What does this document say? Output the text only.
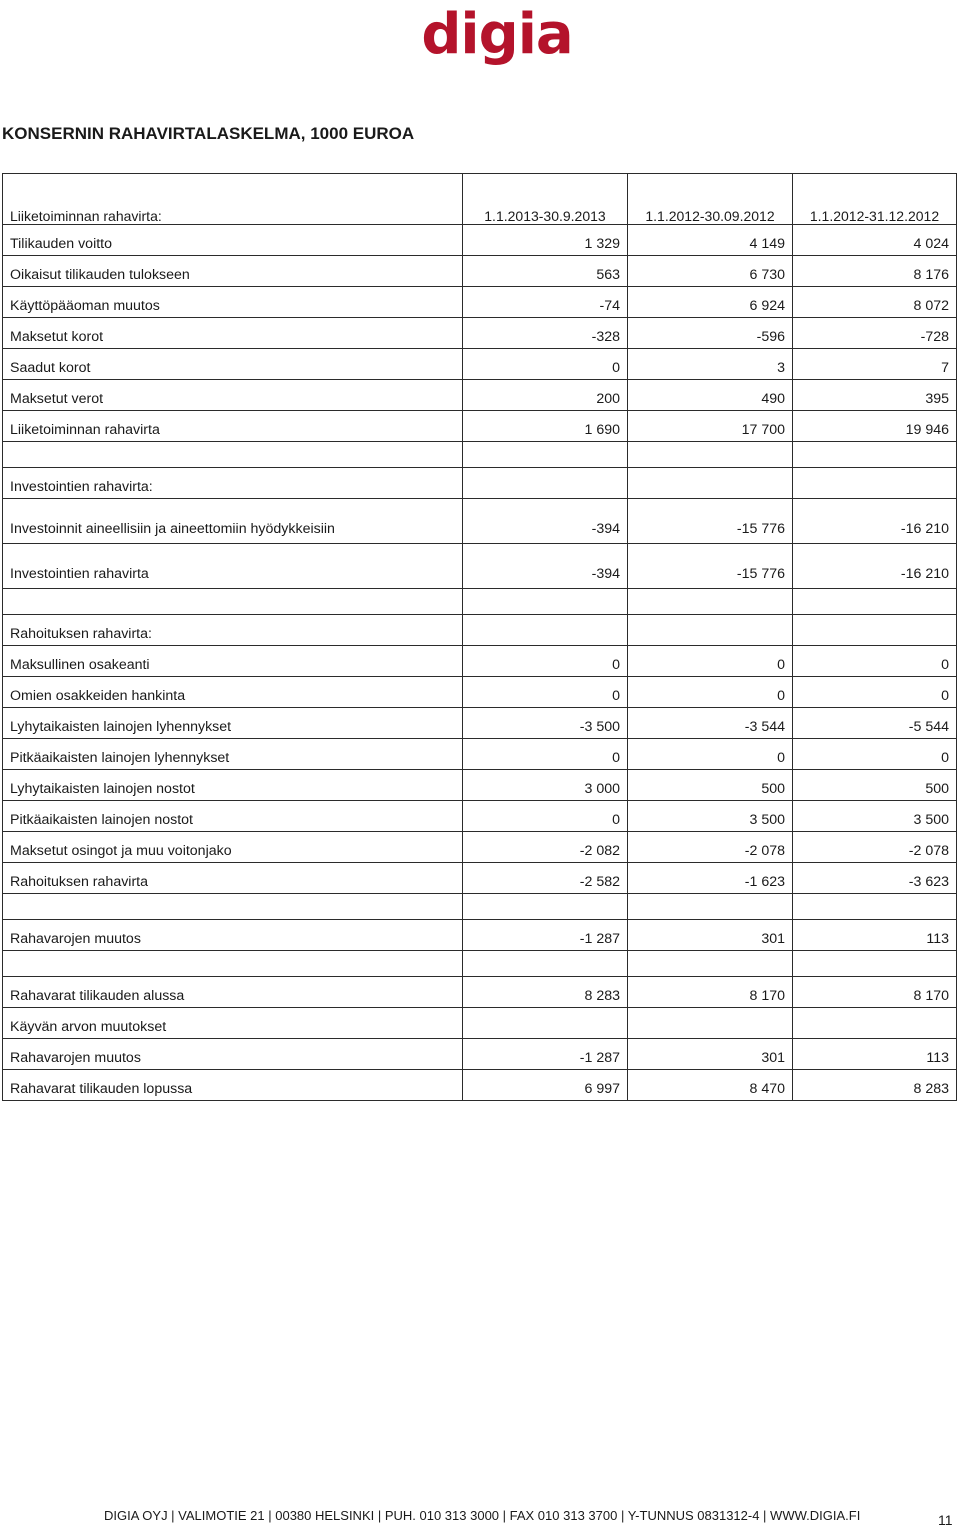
digia
KONSERNIN RAHAVIRTALASKELMA, 1000 EUROA
Liiketoiminnan rahavirta:	1.1.2013-30.9.2013	1.1.2012-30.09.2012	1.1.2012-31.12.2012
Tilikauden voitto	1 329	4 149	4 024
Oikaisut tilikauden tulokseen	563	6 730	8 176
Käyttöpääoman muutos	-74	6 924	8 072
Maksetut korot	-328	-596	-728
Saadut korot	0	3	7
Maksetut verot	200	490	395
Liiketoiminnan rahavirta	1 690	17 700	19 946

Investointien rahavirta:			
Investoinnit aineellisiin ja aineettomiin hyödykkeisiin	-394	-15 776	-16 210
Investointien rahavirta	-394	-15 776	-16 210

Rahoituksen rahavirta:			
Maksullinen osakeanti	0	0	0
Omien osakkeiden hankinta	0	0	0
Lyhytaikaisten lainojen lyhennykset	-3 500	-3 544	-5 544
Pitkäaikaisten lainojen lyhennykset	0	0	0
Lyhytaikaisten lainojen nostot	3 000	500	500
Pitkäaikaisten lainojen nostot	0	3 500	3 500
Maksetut osingot ja muu voitonjako	-2 082	-2 078	-2 078
Rahoituksen rahavirta	-2 582	-1 623	-3 623

Rahavarojen muutos	-1 287	301	113

Rahavarat tilikauden alussa	8 283	8 170	8 170
Käyvän arvon muutokset			
Rahavarojen muutos	-1 287	301	113
Rahavarat tilikauden lopussa	6 997	8 470	8 283
DIGIA OYJ | VALIMOTIE 21 | 00380 HELSINKI | PUH. 010 313 3000 | FAX 010 313 3700 | Y-TUNNUS 0831312-4 | WWW.DIGIA.FI	11
